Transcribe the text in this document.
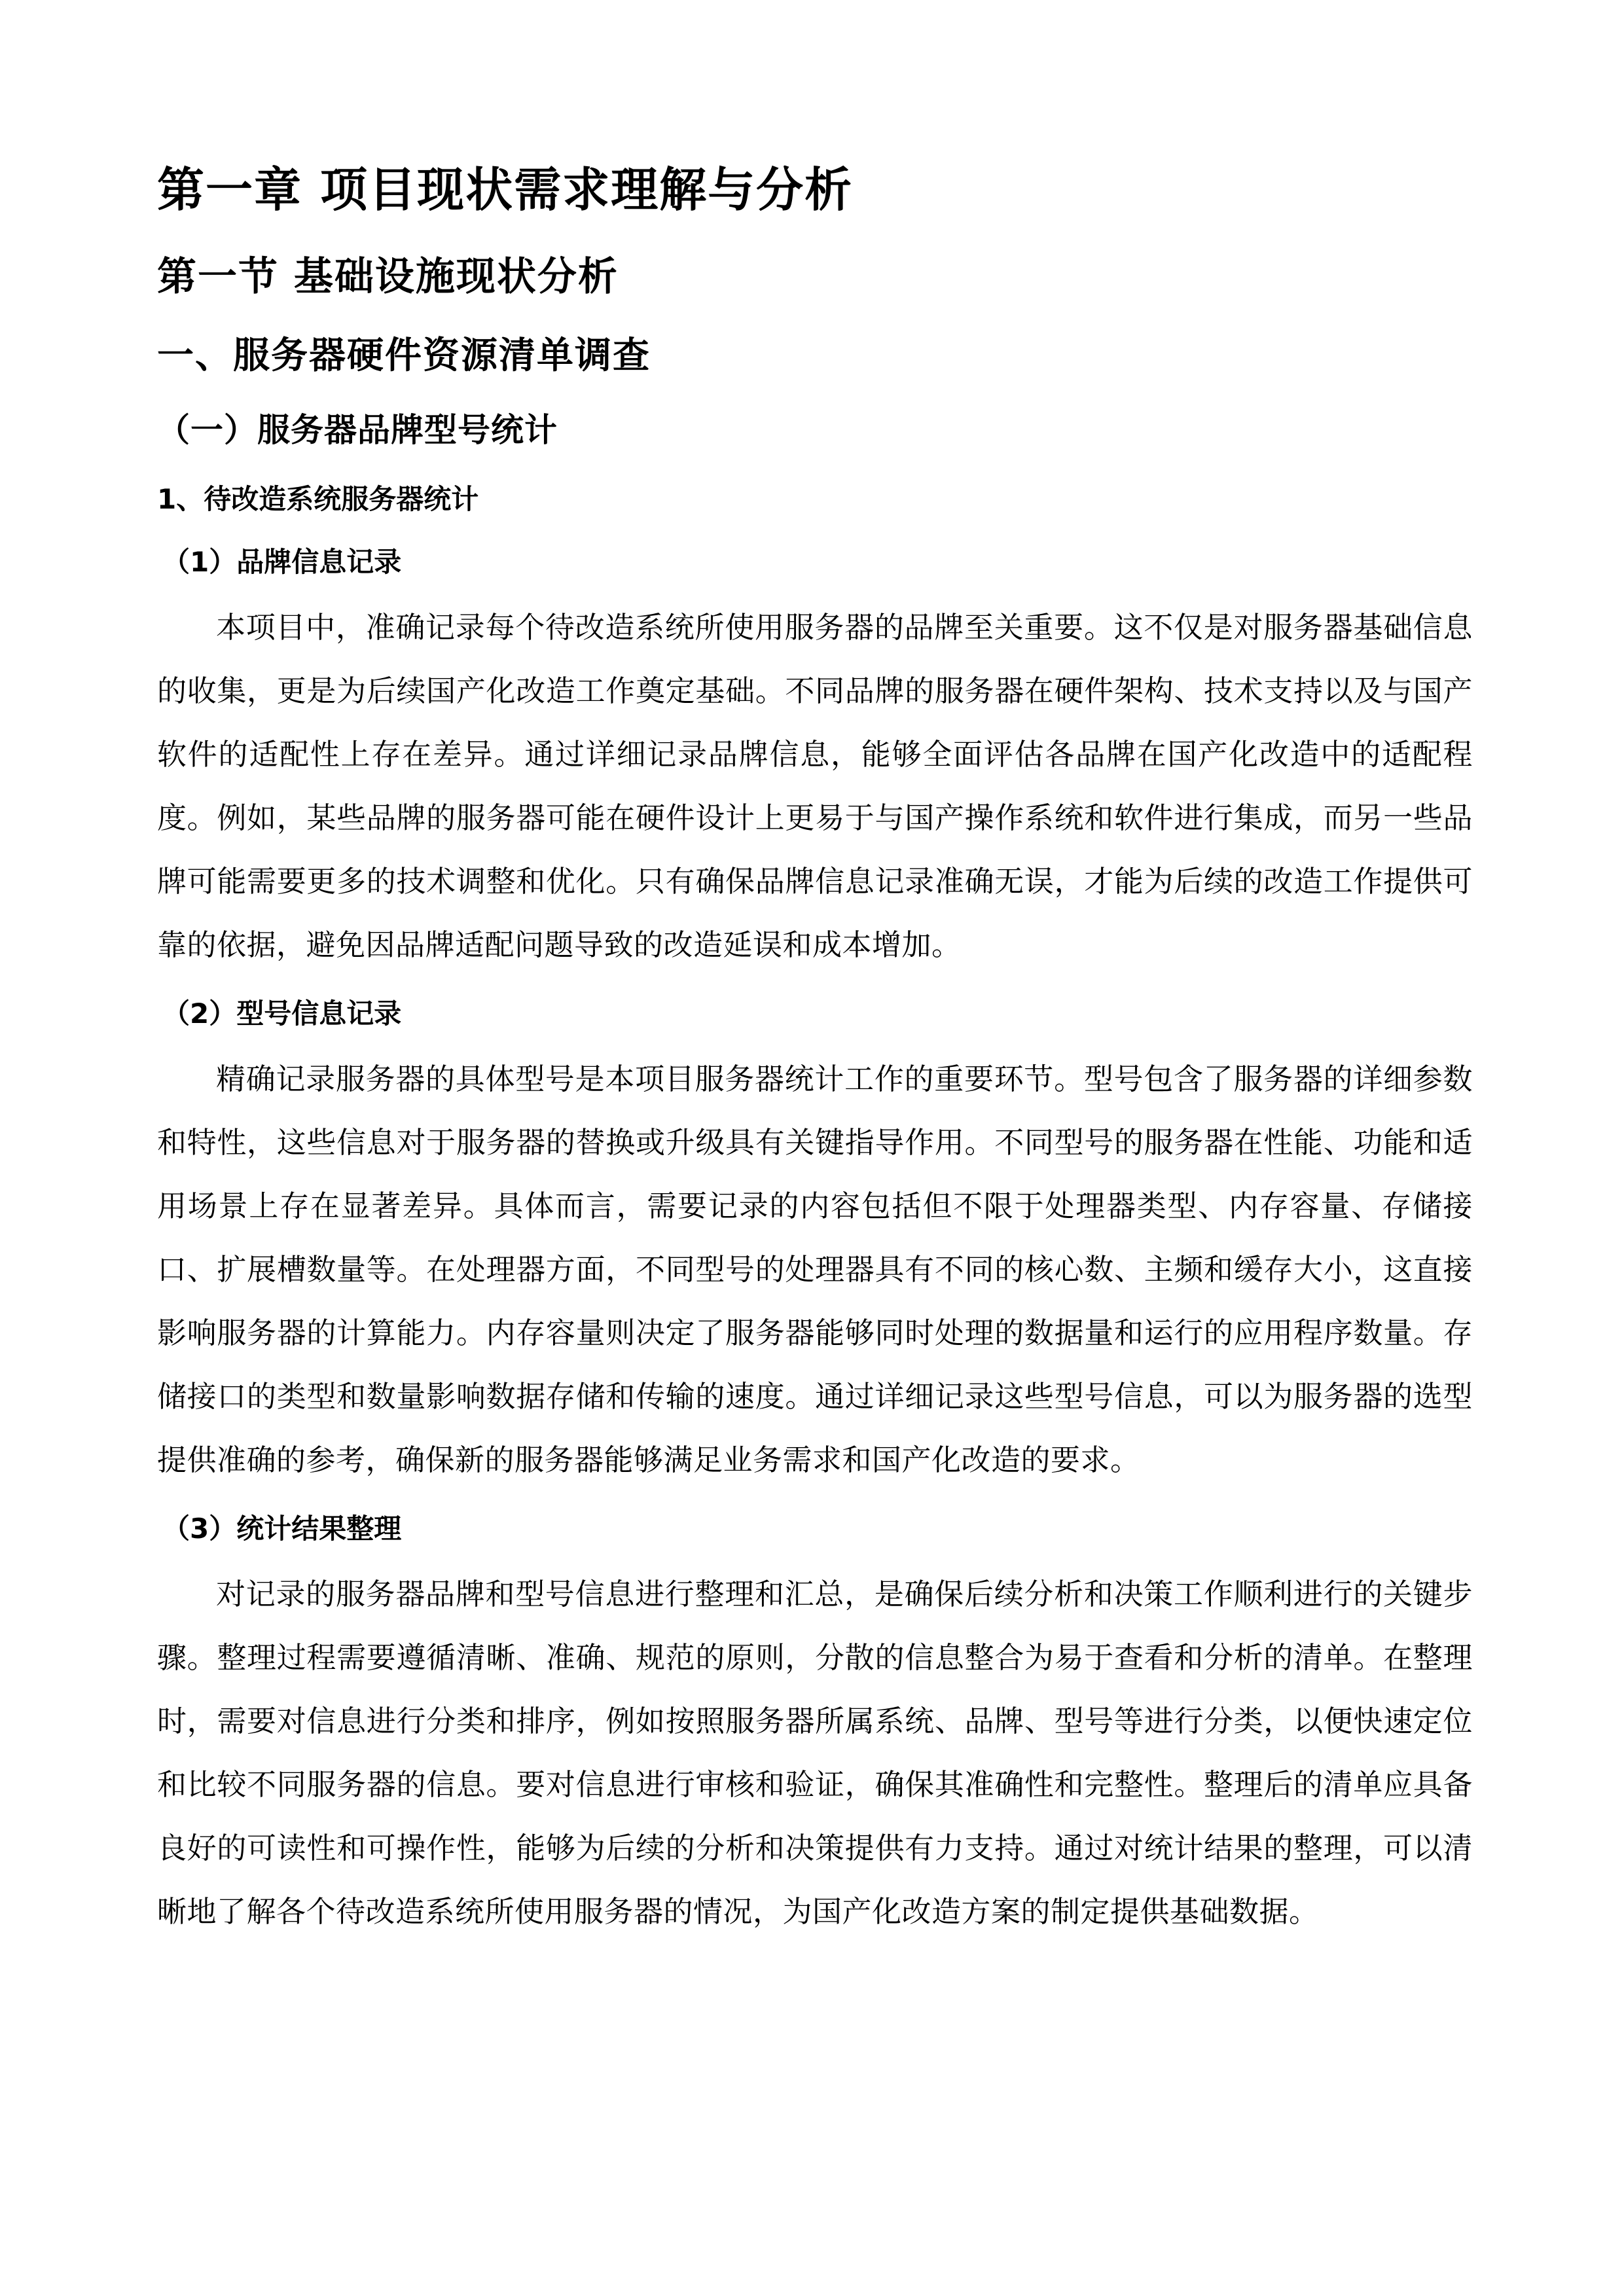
第一章 项目现状需求理解与分析
第一节 基础设施现状分析
一、服务器硬件资源清单调查
（一）服务器品牌型号统计
1、待改造系统服务器统计
（1）品牌信息记录

本项目中，准确记录每个待改造系统所使用服务器的品牌至关重要。这不仅是对服务器基础信息的收集，更是为后续国产化改造工作奠定基础。不同品牌的服务器在硬件架构、技术支持以及与国产软件的适配性上存在差异。通过详细记录品牌信息，能够全面评估各品牌在国产化改造中的适配程度。例如，某些品牌的服务器可能在硬件设计上更易于与国产操作系统和软件进行集成，而另一些品牌可能需要更多的技术调整和优化。只有确保品牌信息记录准确无误，才能为后续的改造工作提供可靠的依据，避免因品牌适配问题导致的改造延误和成本增加。

（2）型号信息记录

精确记录服务器的具体型号是本项目服务器统计工作的重要环节。型号包含了服务器的详细参数和特性，这些信息对于服务器的替换或升级具有关键指导作用。不同型号的服务器在性能、功能和适用场景上存在显著差异。具体而言，需要记录的内容包括但不限于处理器类型、内存容量、存储接口、扩展槽数量等。在处理器方面，不同型号的处理器具有不同的核心数、主频和缓存大小，这直接影响服务器的计算能力。内存容量则决定了服务器能够同时处理的数据量和运行的应用程序数量。存储接口的类型和数量影响数据存储和传输的速度。通过详细记录这些型号信息，可以为服务器的选型提供准确的参考，确保新的服务器能够满足业务需求和国产化改造的要求。

（3）统计结果整理

对记录的服务器品牌和型号信息进行整理和汇总，是确保后续分析和决策工作顺利进行的关键步骤。整理过程需要遵循清晰、准确、规范的原则，分散的信息整合为易于查看和分析的清单。在整理时，需要对信息进行分类和排序，例如按照服务器所属系统、品牌、型号等进行分类，以便快速定位和比较不同服务器的信息。要对信息进行审核和验证，确保其准确性和完整性。整理后的清单应具备良好的可读性和可操作性，能够为后续的分析和决策提供有力支持。通过对统计结果的整理，可以清晰地了解各个待改造系统所使用服务器的情况，为国产化改造方案的制定提供基础数据。
